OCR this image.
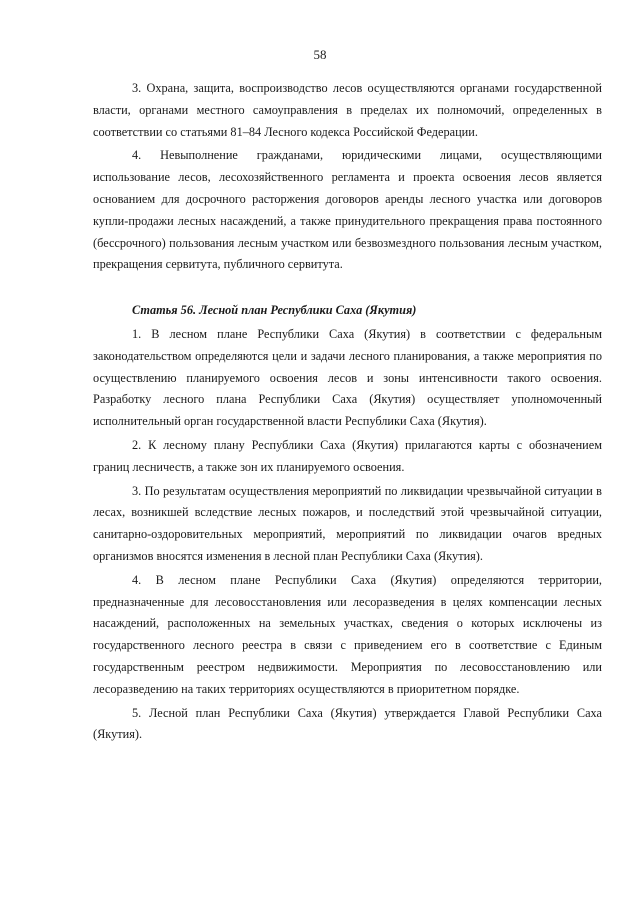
58

3. Охрана, защита, воспроизводство лесов осуществляются органами государственной власти, органами местного самоуправления в пределах их полномочий, определенных в соответствии со статьями 81–84 Лесного кодекса Российской Федерации.

4. Невыполнение гражданами, юридическими лицами, осуществляющими использование лесов, лесохозяйственного регламента и проекта освоения лесов является основанием для досрочного расторжения договоров аренды лесного участка или договоров купли-продажи лесных насаждений, а также принудительного прекращения права постоянного (бессрочного) пользования лесным участком или безвозмездного пользования лесным участком, прекращения сервитута, публичного сервитута.

Статья 56. Лесной план Республики Саха (Якутия)

1. В лесном плане Республики Саха (Якутия) в соответствии с федеральным законодательством определяются цели и задачи лесного планирования, а также мероприятия по осуществлению планируемого освоения лесов и зоны интенсивности такого освоения. Разработку лесного плана Республики Саха (Якутия) осуществляет уполномоченный исполнительный орган государственной власти Республики Саха (Якутия).

2. К лесному плану Республики Саха (Якутия) прилагаются карты с обозначением границ лесничеств, а также зон их планируемого освоения.

3. По результатам осуществления мероприятий по ликвидации чрезвычайной ситуации в лесах, возникшей вследствие лесных пожаров, и последствий этой чрезвычайной ситуации, санитарно-оздоровительных мероприятий, мероприятий по ликвидации очагов вредных организмов вносятся изменения в лесной план Республики Саха (Якутия).

4. В лесном плане Республики Саха (Якутия) определяются территории, предназначенные для лесовосстановления или лесоразведения в целях компенсации лесных насаждений, расположенных на земельных участках, сведения о которых исключены из государственного лесного реестра в связи с приведением его в соответствие с Единым государственным реестром недвижимости. Мероприятия по лесовосстановлению или лесоразведению на таких территориях осуществляются в приоритетном порядке.

5. Лесной план Республики Саха (Якутия) утверждается Главой Республики Саха (Якутия).
